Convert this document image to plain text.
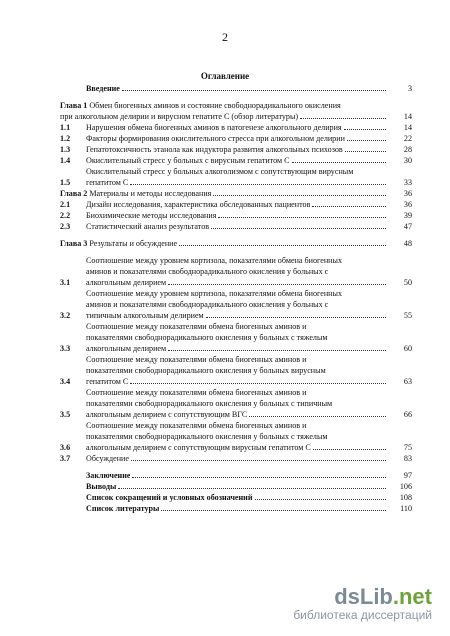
2
Оглавление
Введение	3
Глава 1 Обмен биогенных аминов и состояние свободнорадикального окисления
при алкогольном делирии и вирусном гепатите С (обзор литературы)	14
1.1	Нарушения обмена биогенных аминов в патогенезе алкогольного делирия	14
1.2	Факторы формирования окислительного стресса при алкогольном делирии	22
1.3	Гепатотоксичность этанола как индуктора развития алкогольных психозов	28
1.4	Окислительный стресс у больных с вирусным гепатитом С	30
1.5
Окислительный стресс у больных алкоголизмом с сопутствующим вирусным
гепатитом С	33
Глава 2 Материалы и методы исследования	36
2.1	Дизайн исследования, характеристика обследованных пациентов	36
2.2	Биохимические методы исследования	39
2.3	Статистический анализ результатов	47
Глава 3 Результаты и обсуждение	48
3.1
Соотношение между уровнем кортизола, показателями обмена биогенных
аминов и показателями свободнорадикального окисления у больных с
алкогольным делирием	50
3.2
Соотношение между уровнем кортизола, показателями обмена биогенных
аминов и показателями свободнорадикального окисления у больных с
типичным алкогольным делирием	55
3.3
Соотношение между показателями обмена биогенных аминов и
показателями свободнорадикального окисления у больных с тяжелым
алкогольным делирием	60
3.4
Соотношение между показателями обмена биогенных аминов и
показателями свободнорадикального окисления у больных вирусным
гепатитом С	63
3.5
Соотношение между показателями обмена биогенных аминов и
показателями свободнорадикального окисления у больных с типичным
алкогольным делирием с сопутствующим ВГС	66
3.6
Соотношение между показателями обмена биогенных аминов и
показателями свободнорадикального окисления у больных с тяжелым
алкогольным делирием с сопутствующим вирусным гепатитом С	75
3.7	Обсуждение	83
Заключение	97
Выводы	106
Список сокращений и условных обозначений	108
Список литературы	110
dsLib.net
библиотека диссертаций
